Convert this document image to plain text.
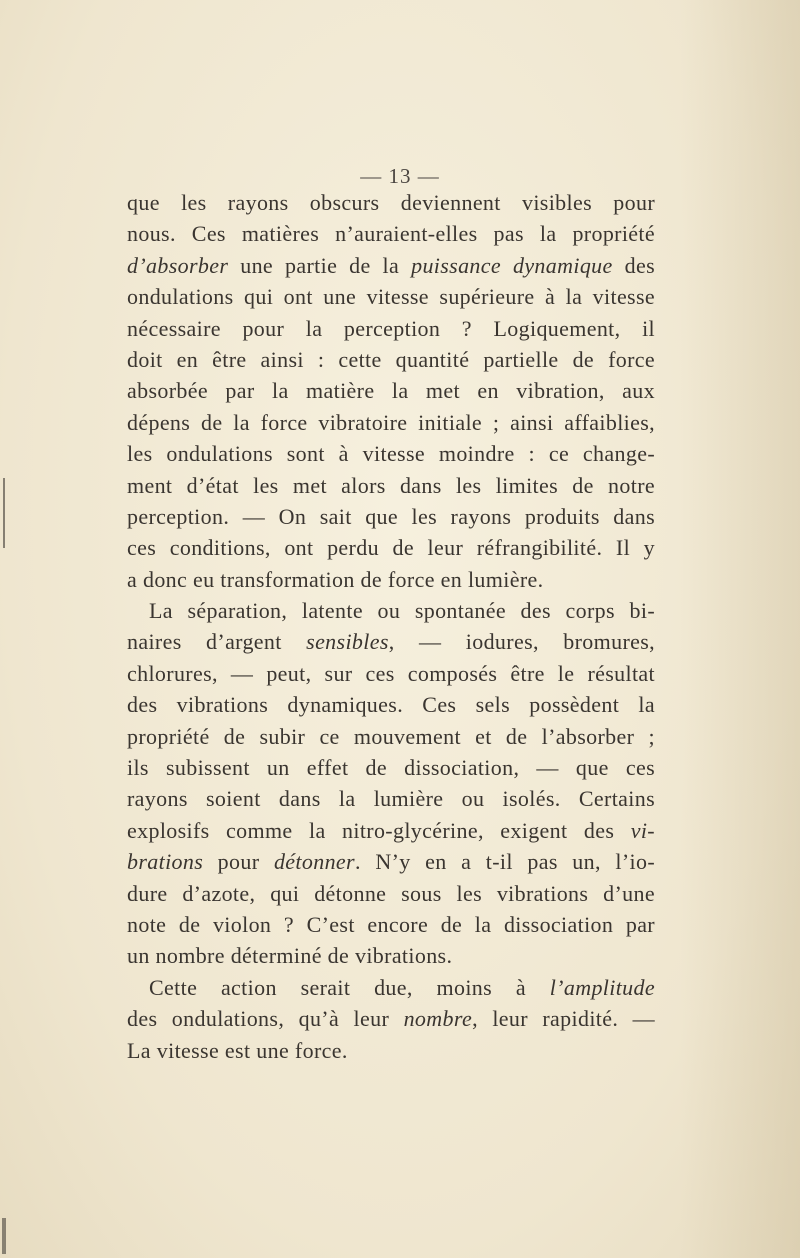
— 13 —
que les rayons obscurs deviennent visibles pour
nous. Ces matières n’auraient-elles pas la propriété
d’absorber une partie de la puissance dynamique des
ondulations qui ont une vitesse supérieure à la vitesse
nécessaire pour la perception ? Logiquement, il
doit en être ainsi : cette quantité partielle de force
absorbée par la matière la met en vibration, aux
dépens de la force vibratoire initiale ; ainsi affaiblies,
les ondulations sont à vitesse moindre : ce change-
ment d’état les met alors dans les limites de notre
perception. — On sait que les rayons produits dans
ces conditions, ont perdu de leur réfrangibilité. Il y
a donc eu transformation de force en lumière.
La séparation, latente ou spontanée des corps bi-
naires d’argent sensibles, — iodures, bromures,
chlorures, — peut, sur ces composés être le résultat
des vibrations dynamiques. Ces sels possèdent la
propriété de subir ce mouvement et de l’absorber ;
ils subissent un effet de dissociation, — que ces
rayons soient dans la lumière ou isolés. Certains
explosifs comme la nitro-glycérine, exigent des vi-
brations pour détonner. N’y en a t-il pas un, l’io-
dure d’azote, qui détonne sous les vibrations d’une
note de violon ? C’est encore de la dissociation par
un nombre déterminé de vibrations.
Cette action serait due, moins à l’amplitude
des ondulations, qu’à leur nombre, leur rapidité. —
La vitesse est une force.
